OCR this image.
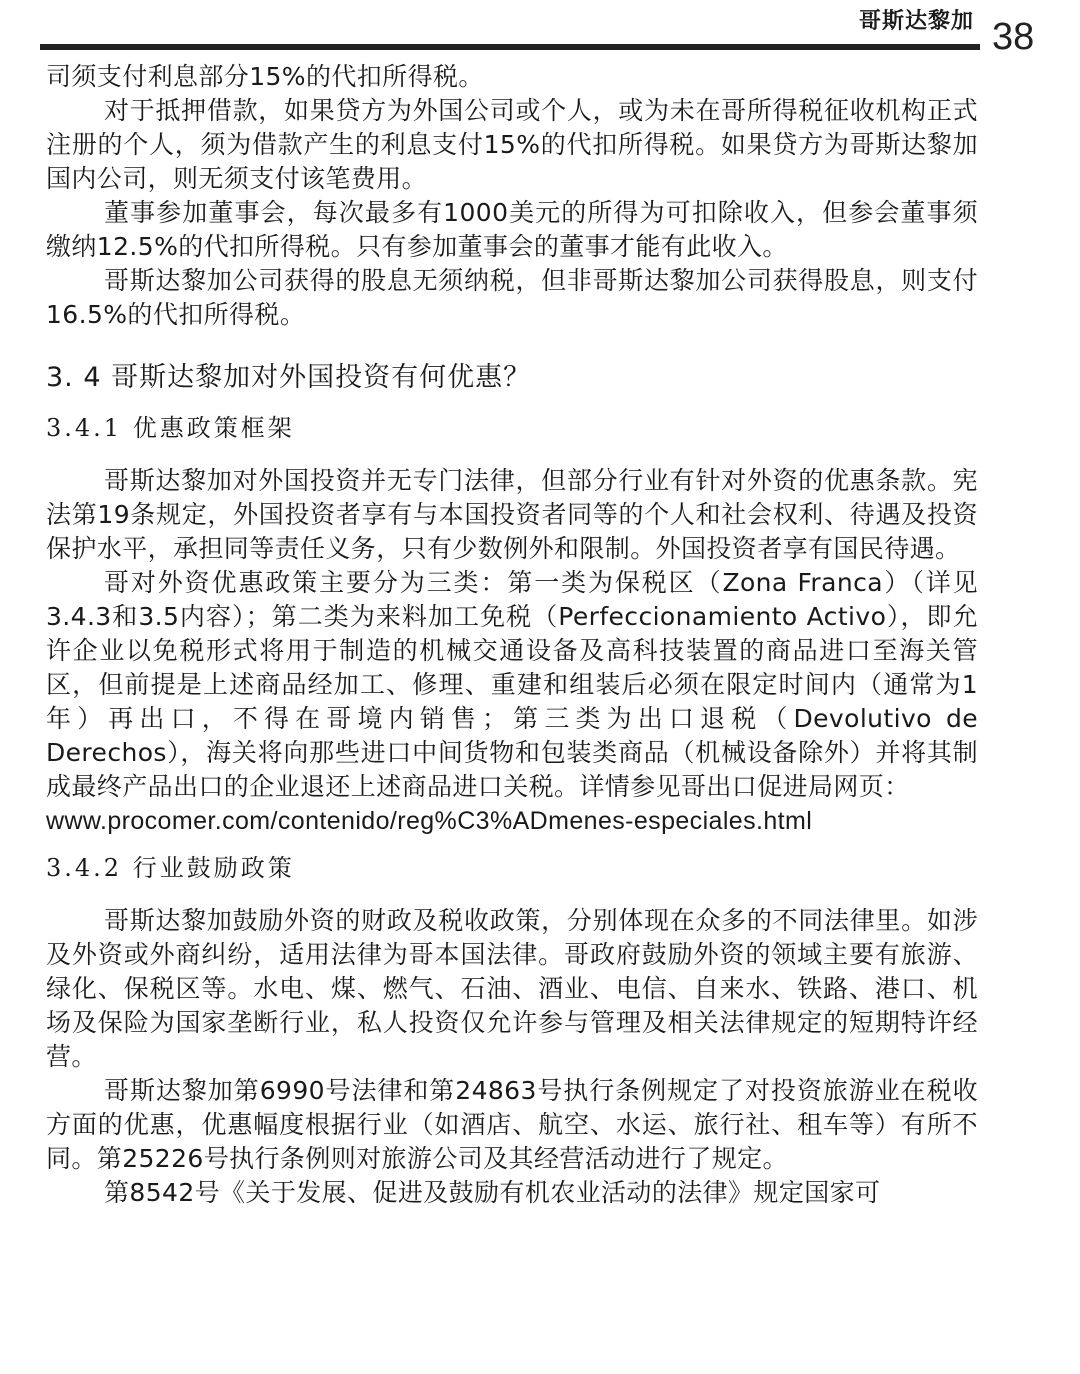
哥斯达黎加 38

司须支付利息部分15%的代扣所得税。

对于抵押借款，如果贷方为外国公司或个人，或为未在哥所得税征收机构正式注册的个人，须为借款产生的利息支付15%的代扣所得税。如果贷方为哥斯达黎加国内公司，则无须支付该笔费用。

董事参加董事会，每次最多有1000美元的所得为可扣除收入，但参会董事须缴纳12.5%的代扣所得税。只有参加董事会的董事才能有此收入。

哥斯达黎加公司获得的股息无须纳税，但非哥斯达黎加公司获得股息，则支付16.5%的代扣所得税。

3. 4 哥斯达黎加对外国投资有何优惠？
3.4.1 优惠政策框架

哥斯达黎加对外国投资并无专门法律，但部分行业有针对外资的优惠条款。宪法第19条规定，外国投资者享有与本国投资者同等的个人和社会权利、待遇及投资保护水平，承担同等责任义务，只有少数例外和限制。外国投资者享有国民待遇。

哥对外资优惠政策主要分为三类：第一类为保税区（Zona Franca）（详见3.4.3和3.5内容）；第二类为来料加工免税（Perfeccionamiento Activo），即允许企业以免税形式将用于制造的机械交通设备及高科技装置的商品进口至海关管区，但前提是上述商品经加工、修理、重建和组装后必须在限定时间内（通常为1年）再出口，不得在哥境内销售；第三类为出口退税（Devolutivo de Derechos），海关将向那些进口中间货物和包装类商品（机械设备除外）并将其制成最终产品出口的企业退还上述商品进口关税。详情参见哥出口促进局网页：

www.procomer.com/contenido/reg%C3%ADmenes-especiales.html

3.4.2 行业鼓励政策

哥斯达黎加鼓励外资的财政及税收政策，分别体现在众多的不同法律里。如涉及外资或外商纠纷，适用法律为哥本国法律。哥政府鼓励外资的领域主要有旅游、绿化、保税区等。水电、煤、燃气、石油、酒业、电信、自来水、铁路、港口、机场及保险为国家垄断行业，私人投资仅允许参与管理及相关法律规定的短期特许经营。

哥斯达黎加第6990号法律和第24863号执行条例规定了对投资旅游业在税收方面的优惠，优惠幅度根据行业（如酒店、航空、水运、旅行社、租车等）有所不同。第25226号执行条例则对旅游公司及其经营活动进行了规定。

第8542号《关于发展、促进及鼓励有机农业活动的法律》规定国家可

大数跨境
